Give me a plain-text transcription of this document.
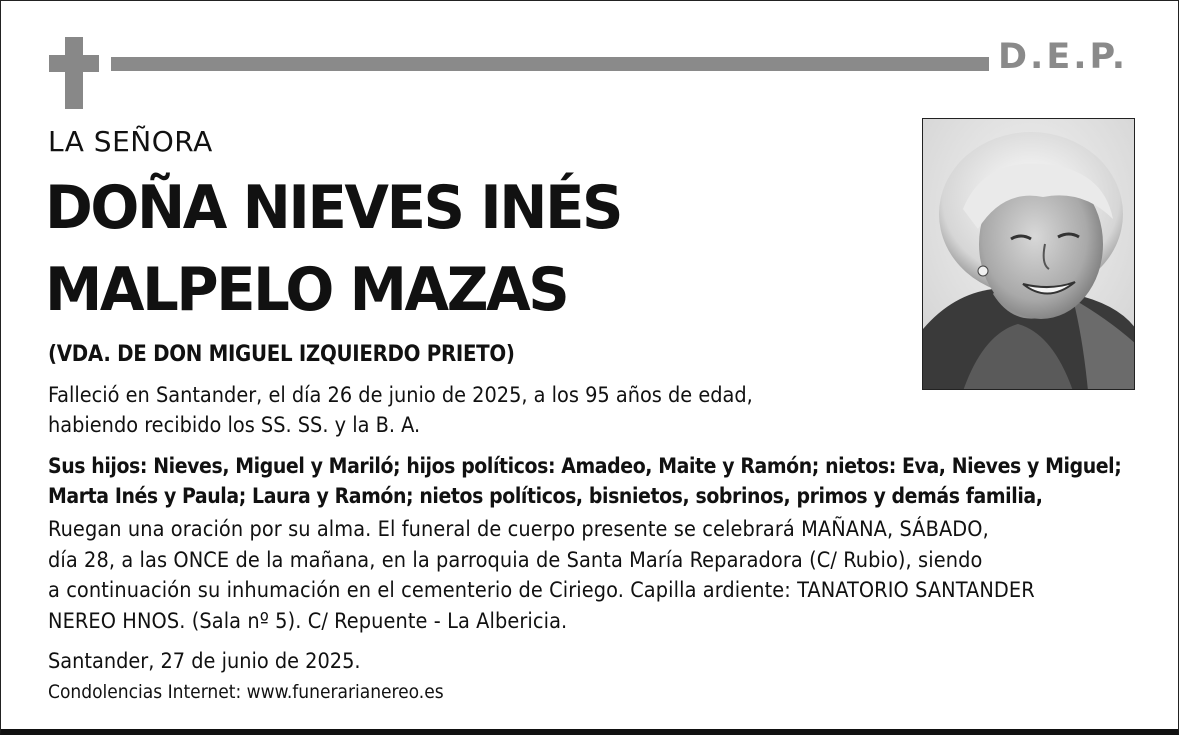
D.E.P.
LA SEÑORA
DOÑA NIEVES INÉS
MALPELO MAZAS
(VDA. DE DON MIGUEL IZQUIERDO PRIETO)
Falleció en Santander, el día 26 de junio de 2025, a los 95 años de edad,
habiendo recibido los SS. SS. y la B. A.
Sus hijos: Nieves, Miguel y Mariló; hijos políticos: Amadeo, Maite y Ramón; nietos: Eva, Nieves y Miguel;
Marta Inés y Paula; Laura y Ramón; nietos políticos, bisnietos, sobrinos, primos y demás familia,
Ruegan una oración por su alma. El funeral de cuerpo presente se celebrará MAÑANA, SÁBADO,
día 28, a las ONCE de la mañana, en la parroquia de Santa María Reparadora (C/ Rubio), siendo
a continuación su inhumación en el cementerio de Ciriego. Capilla ardiente: TANATORIO SANTANDER
NEREO HNOS. (Sala nº 5). C/ Repuente - La Albericia.
Santander, 27 de junio de 2025.
Condolencias Internet: www.funerarianereo.es
